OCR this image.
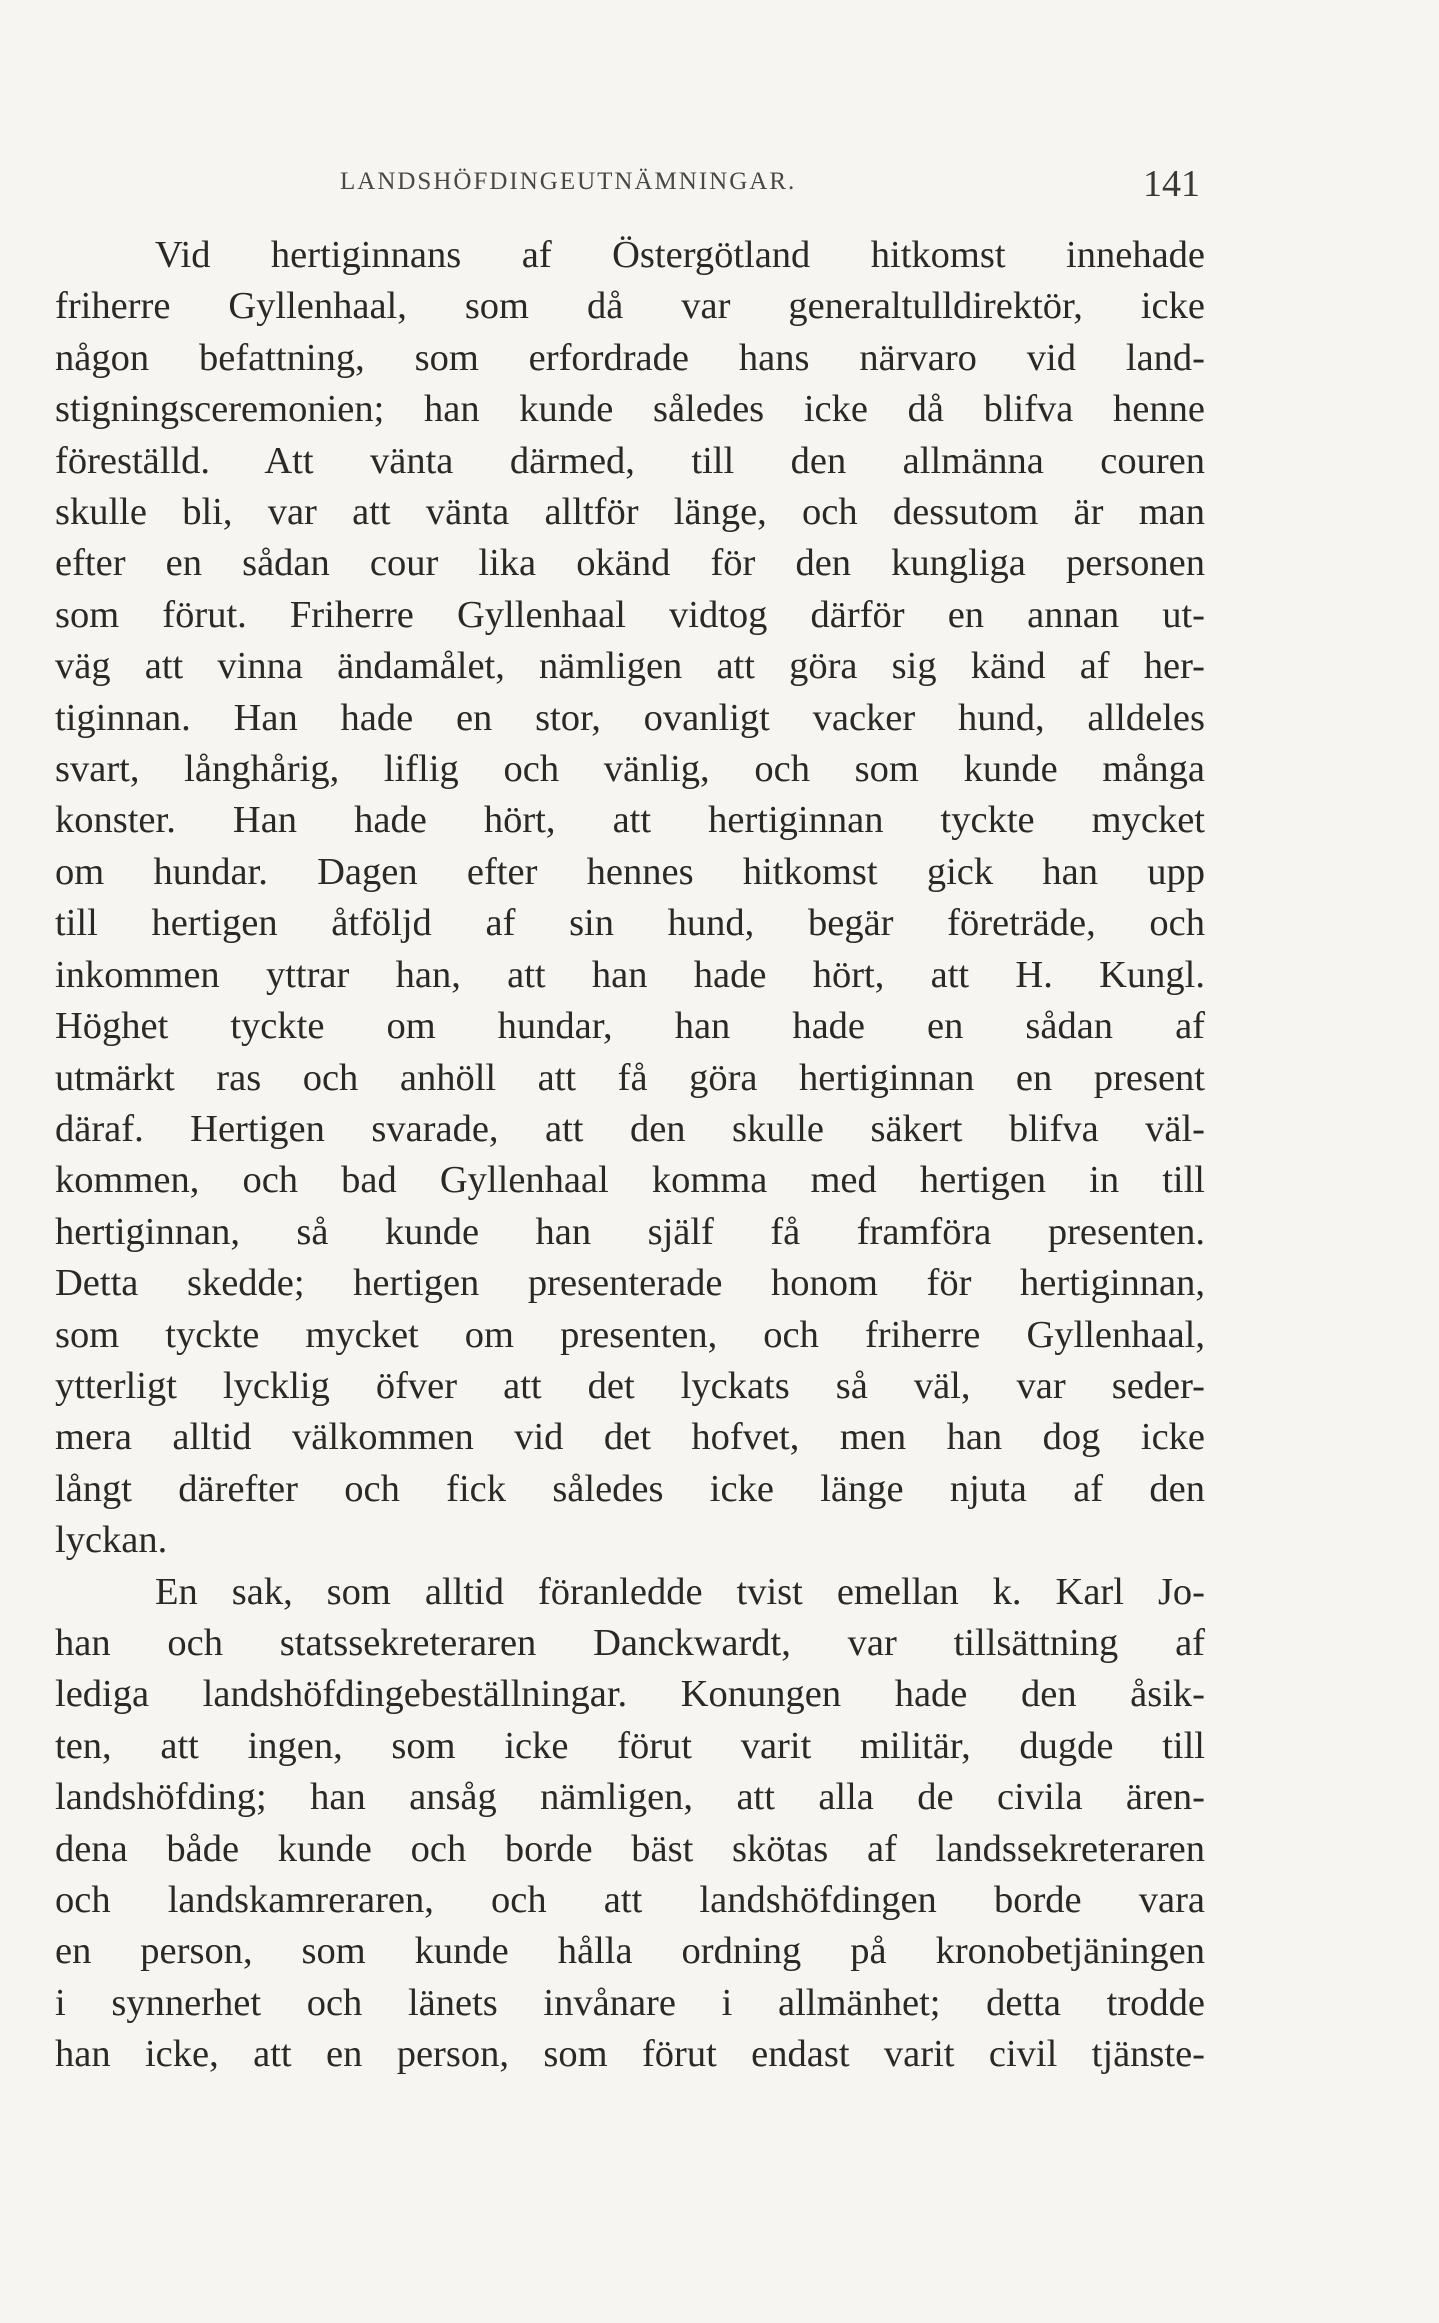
LANDSHÖFDINGEUTNÄMNINGAR.	141

Vid hertiginnans af Östergötland hitkomst innehade
friherre Gyllenhaal, som då var generaltulldirektör, icke
någon befattning, som erfordrade hans närvaro vid land-
stigningsceremonien; han kunde således icke då blifva henne
föreställd. Att vänta därmed, till den allmänna couren
skulle bli, var att vänta alltför länge, och dessutom är man
efter en sådan cour lika okänd för den kungliga personen
som förut. Friherre Gyllenhaal vidtog därför en annan ut-
väg att vinna ändamålet, nämligen att göra sig känd af her-
tiginnan. Han hade en stor, ovanligt vacker hund, alldeles
svart, långhårig, liflig och vänlig, och som kunde många
konster. Han hade hört, att hertiginnan tyckte mycket
om hundar. Dagen efter hennes hitkomst gick han upp
till hertigen åtföljd af sin hund, begär företräde, och
inkommen yttrar han, att han hade hört, att H. Kungl.
Höghet tyckte om hundar, han hade en sådan af
utmärkt ras och anhöll att få göra hertiginnan en present
däraf. Hertigen svarade, att den skulle säkert blifva väl-
kommen, och bad Gyllenhaal komma med hertigen in till
hertiginnan, så kunde han själf få framföra presenten.
Detta skedde; hertigen presenterade honom för hertiginnan,
som tyckte mycket om presenten, och friherre Gyllenhaal,
ytterligt lycklig öfver att det lyckats så väl, var seder-
mera alltid välkommen vid det hofvet, men han dog icke
långt därefter och fick således icke länge njuta af den
lyckan.

En sak, som alltid föranledde tvist emellan k. Karl Jo-
han och statssekreteraren Danckwardt, var tillsättning af
lediga landshöfdingebeställningar. Konungen hade den åsik-
ten, att ingen, som icke förut varit militär, dugde till
landshöfding; han ansåg nämligen, att alla de civila ären-
dena både kunde och borde bäst skötas af landssekreteraren
och landskamreraren, och att landshöfdingen borde vara
en person, som kunde hålla ordning på kronobetjäningen
i synnerhet och länets invånare i allmänhet; detta trodde
han icke, att en person, som förut endast varit civil tjänste-
